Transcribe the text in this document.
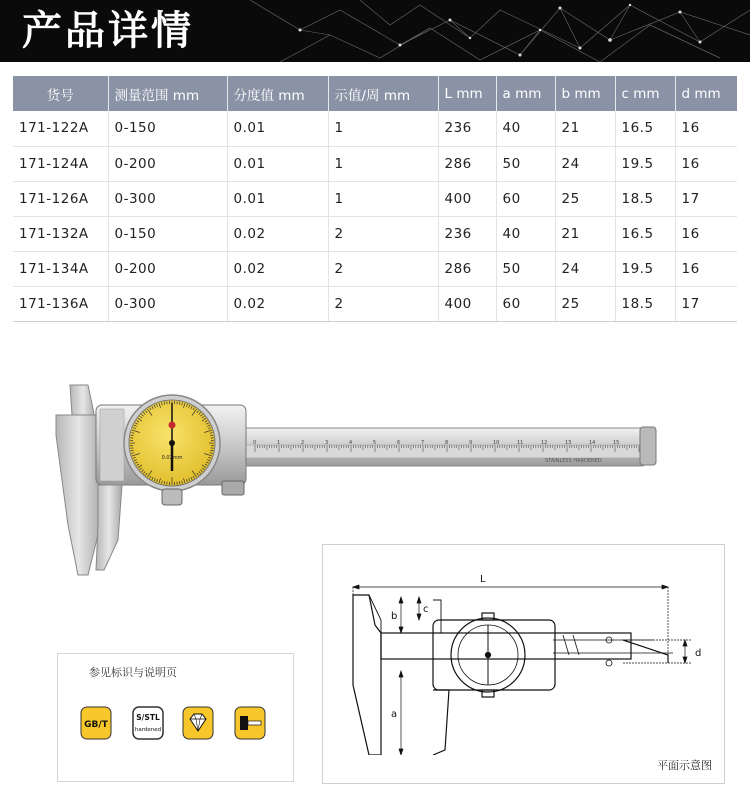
产品详情
货号	测量范围 mm	分度值 mm	示值/周 mm	L mm	a mm	b mm	c mm	d mm
171-122A	0-150	0.01	1	236	40	21	16.5	16
171-124A	0-200	0.01	1	286	50	24	19.5	16
171-126A	0-300	0.01	1	400	60	25	18.5	17
171-132A	0-150	0.02	2	236	40	21	16.5	16
171-134A	0-200	0.02	2	286	50	24	19.5	16
171-136A	0-300	0.02	2	400	60	25	18.5	17
0	1	2	3	4	5	6	7	8	9	10	11	12	13	14	15
STAINLESS HARDENED
0.02mm
参见标识与说明页
GB/T
S/STL
hardened
L
b
c
a
d
平面示意图
